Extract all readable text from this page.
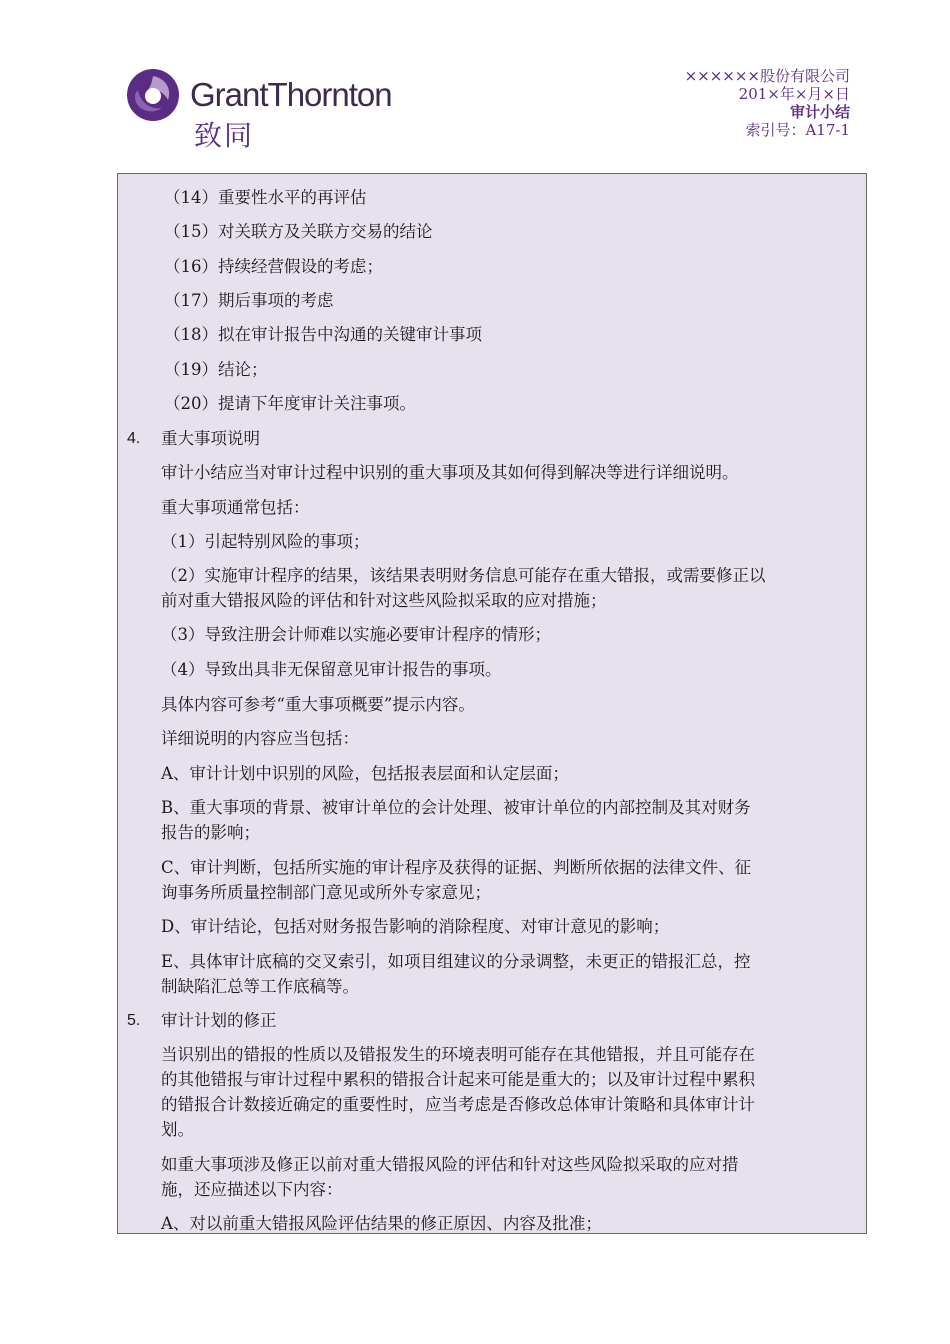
GrantThornton
致同
××××××股份有限公司
201×年×月×日
审计小结
索引号：A17-1
（14）重要性水平的再评估
（15）对关联方及关联方交易的结论
（16）持续经营假设的考虑；
（17）期后事项的考虑
（18）拟在审计报告中沟通的关键审计事项
（19）结论；
（20）提请下年度审计关注事项。
4. 重大事项说明
审计小结应当对审计过程中识别的重大事项及其如何得到解决等进行详细说明。
重大事项通常包括：
（1）引起特别风险的事项；
（2）实施审计程序的结果，该结果表明财务信息可能存在重大错报，或需要修正以
前对重大错报风险的评估和针对这些风险拟采取的应对措施；
（3）导致注册会计师难以实施必要审计程序的情形；
（4）导致出具非无保留意见审计报告的事项。
具体内容可参考“重大事项概要”提示内容。
详细说明的内容应当包括：
A、审计计划中识别的风险，包括报表层面和认定层面；
B、重大事项的背景、被审计单位的会计处理、被审计单位的内部控制及其对财务
报告的影响；
C、审计判断，包括所实施的审计程序及获得的证据、判断所依据的法律文件、征
询事务所质量控制部门意见或所外专家意见；
D、审计结论，包括对财务报告影响的消除程度、对审计意见的影响；
E、具体审计底稿的交叉索引，如项目组建议的分录调整，未更正的错报汇总，控
制缺陷汇总等工作底稿等。
5. 审计计划的修正
当识别出的错报的性质以及错报发生的环境表明可能存在其他错报，并且可能存在
的其他错报与审计过程中累积的错报合计起来可能是重大的；以及审计过程中累积
的错报合计数接近确定的重要性时，应当考虑是否修改总体审计策略和具体审计计
划。
如重大事项涉及修正以前对重大错报风险的评估和针对这些风险拟采取的应对措
施，还应描述以下内容：
A、对以前重大错报风险评估结果的修正原因、内容及批准；
